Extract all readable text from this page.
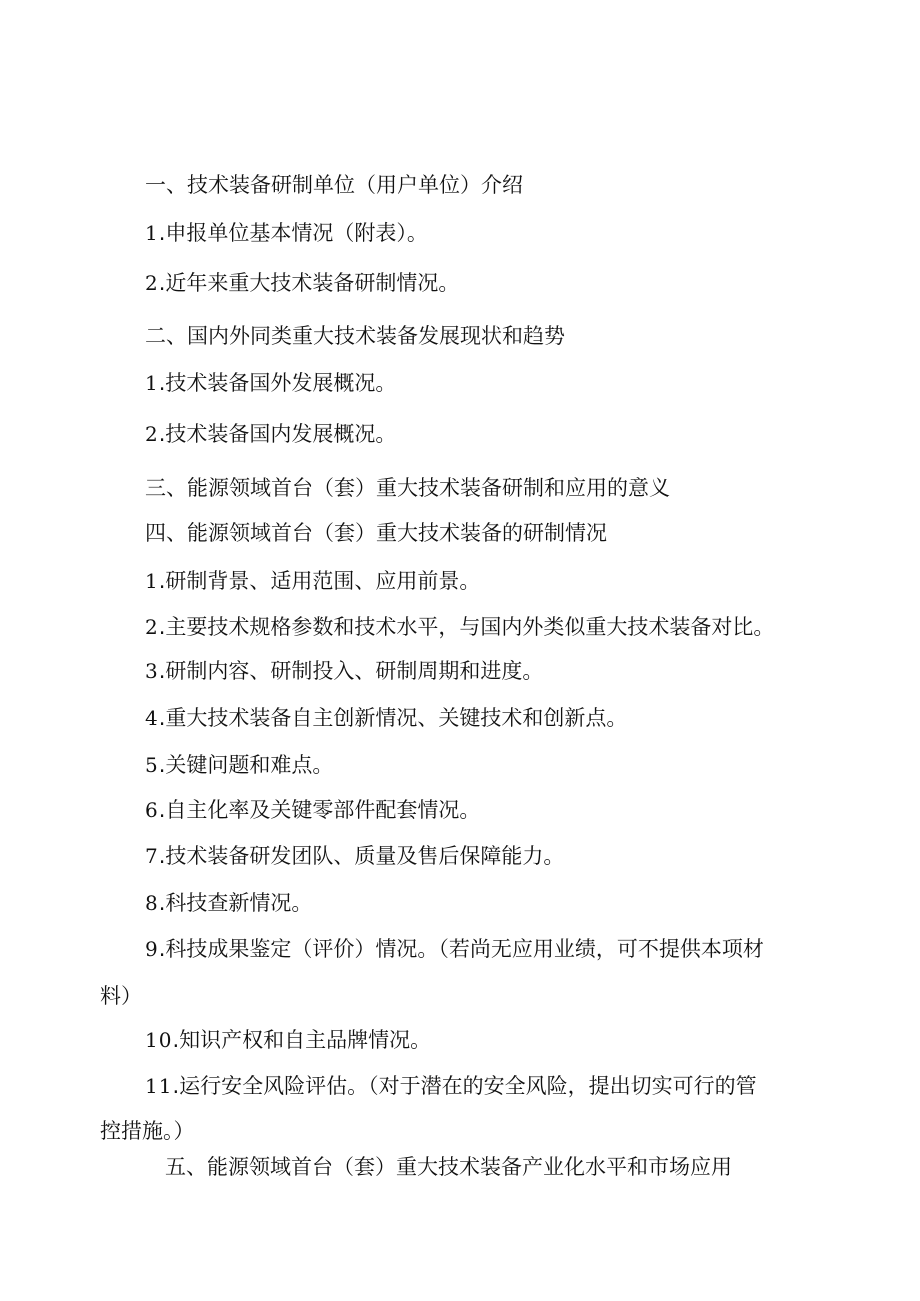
一、技术装备研制单位（用户单位）介绍
1.申报单位基本情况（附表）。
2.近年来重大技术装备研制情况。
二、国内外同类重大技术装备发展现状和趋势
1.技术装备国外发展概况。
2.技术装备国内发展概况。
三、能源领域首台（套）重大技术装备研制和应用的意义
四、能源领域首台（套）重大技术装备的研制情况
1.研制背景、适用范围、应用前景。
2.主要技术规格参数和技术水平，与国内外类似重大技术装备对比。
3.研制内容、研制投入、研制周期和进度。
4.重大技术装备自主创新情况、关键技术和创新点。
5.关键问题和难点。
6.自主化率及关键零部件配套情况。
7.技术装备研发团队、质量及售后保障能力。
8.科技查新情况。
9.科技成果鉴定（评价）情况。（若尚无应用业绩，可不提供本项材
料）
10.知识产权和自主品牌情况。
11.运行安全风险评估。（对于潜在的安全风险，提出切实可行的管
控措施。）
五、能源领域首台（套）重大技术装备产业化水平和市场应用
